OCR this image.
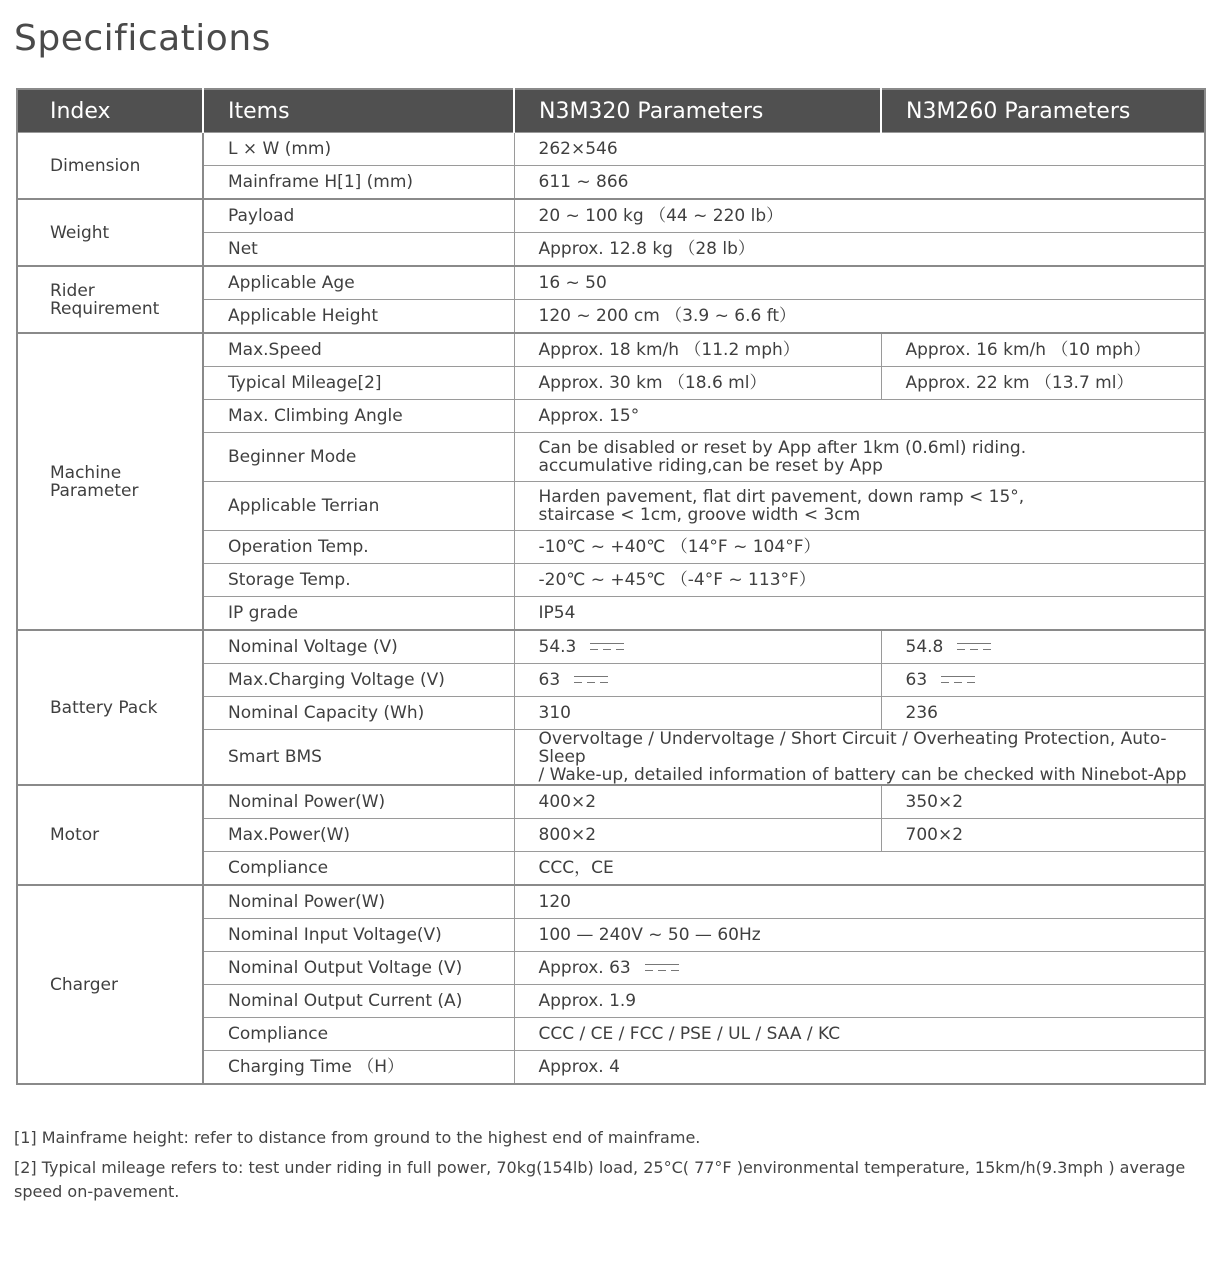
Specifications
Index	Items	N3M320 Parameters	N3M260 Parameters
Dimension	L × W (mm)	262×546	
	Mainframe H[1] (mm)	611 ~ 866	
Weight	Payload	20 ~ 100 kg （44 ~ 220 lb）	
	Net	Approx. 12.8 kg （28 lb）	
Rider Requirement	Applicable Age	16 ~ 50	
	Applicable Height	120 ~ 200 cm （3.9 ~ 6.6 ft）	
Machine Parameter	Max.Speed	Approx. 18 km/h （11.2 mph）	Approx. 16 km/h （10 mph）
	Typical Mileage[2]	Approx. 30 km （18.6 ml）	Approx. 22 km （13.7 ml）
	Max. Climbing Angle	Approx. 15°	
	Beginner Mode	Can be disabled or reset by App after 1km (0.6ml) riding.
accumulative riding,can be reset by App	

	Applicable Terrian	Harden pavement, flat dirt pavement, down ramp < 15°,
staircase < 1cm, groove width < 3cm	

	Operation Temp.	-10℃ ~ +40℃ （14°F ~ 104°F）	
	Storage Temp.	-20℃ ~ +45℃ （-4°F ~ 113°F）	
	IP grade	IP54	
Battery Pack	Nominal Voltage (V)	54.3	54.8
	Max.Charging Voltage (V)	63	63
	Nominal Capacity (Wh)	310	236
	Smart BMS	Overvoltage / Undervoltage / Short Circuit / Overheating Protection, Auto-Sleep
/ Wake-up, detailed information of battery can be checked with Ninebot-App	

Motor	Nominal Power(W)	400×2	350×2
	Max.Power(W)	800×2	700×2
	Compliance	CCC，CE	
Charger	Nominal Power(W)	120	
	Nominal Input Voltage(V)	100 — 240V ~ 50 — 60Hz	
	Nominal Output Voltage (V)	Approx. 63	
	Nominal Output Current (A)	Approx. 1.9	
	Compliance	CCC / CE / FCC / PSE / UL / SAA / KC	
	Charging Time （H）	Approx. 4	

[1] Mainframe height: refer to distance from ground to the highest end of mainframe.

[2] Typical mileage refers to: test under riding in full power, 70kg(154lb) load, 25°C( 77°F )environmental temperature, 15km/h(9.3mph ) average speed on-pavement.
